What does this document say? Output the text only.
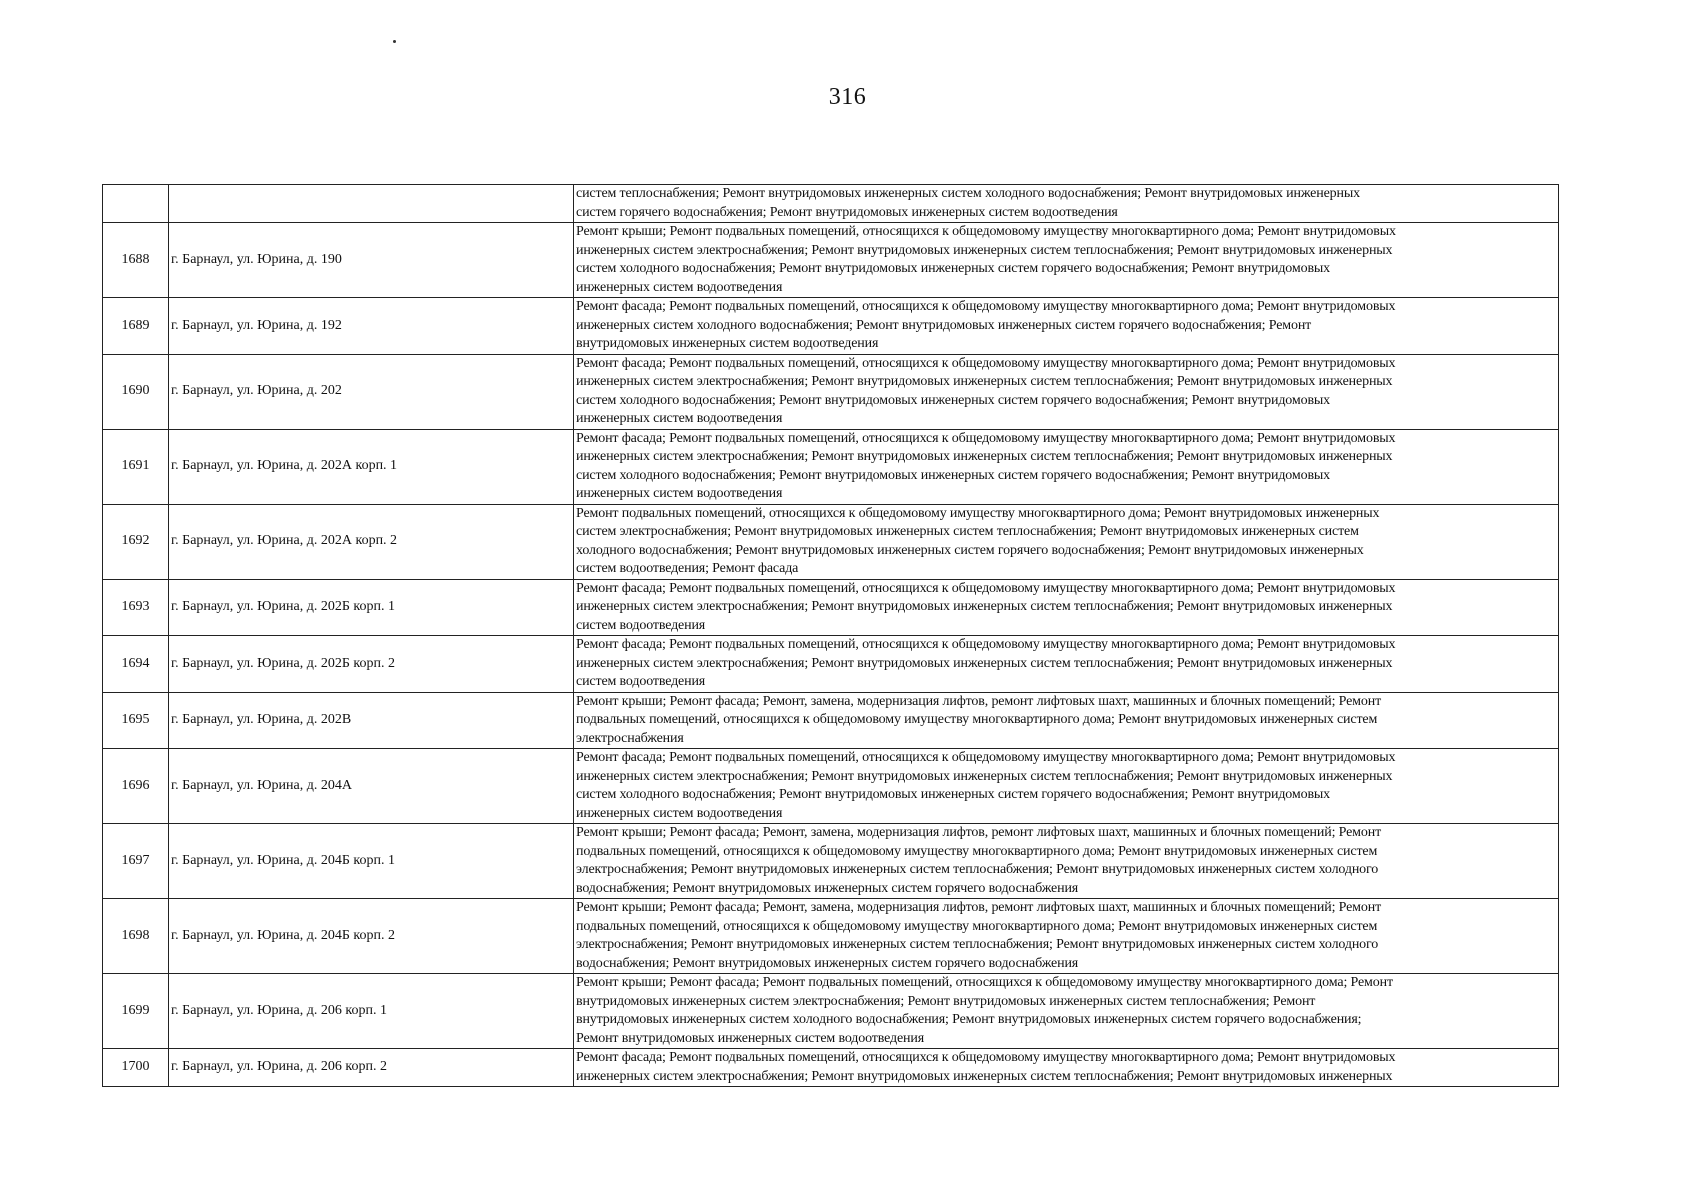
316

		систем теплоснабжения; Ремонт внутридомовых инженерных систем холодного водоснабжения; Ремонт внутридомовых инженерных
систем горячего водоснабжения; Ремонт внутридомовых инженерных систем водоотведения

1688	г. Барнаул, ул. Юрина, д. 190	Ремонт крыши; Ремонт подвальных помещений, относящихся к общедомовому имуществу многоквартирного дома; Ремонт внутридомовых
инженерных систем электроснабжения; Ремонт внутридомовых инженерных систем теплоснабжения; Ремонт внутридомовых инженерных
систем холодного водоснабжения; Ремонт внутридомовых инженерных систем горячего водоснабжения; Ремонт внутридомовых
инженерных систем водоотведения

1689	г. Барнаул, ул. Юрина, д. 192	Ремонт фасада; Ремонт подвальных помещений, относящихся к общедомовому имуществу многоквартирного дома; Ремонт внутридомовых
инженерных систем холодного водоснабжения; Ремонт внутридомовых инженерных систем горячего водоснабжения; Ремонт
внутридомовых инженерных систем водоотведения

1690	г. Барнаул, ул. Юрина, д. 202	Ремонт фасада; Ремонт подвальных помещений, относящихся к общедомовому имуществу многоквартирного дома; Ремонт внутридомовых
инженерных систем электроснабжения; Ремонт внутридомовых инженерных систем теплоснабжения; Ремонт внутридомовых инженерных
систем холодного водоснабжения; Ремонт внутридомовых инженерных систем горячего водоснабжения; Ремонт внутридомовых
инженерных систем водоотведения

1691	г. Барнаул, ул. Юрина, д. 202А корп. 1	Ремонт фасада; Ремонт подвальных помещений, относящихся к общедомовому имуществу многоквартирного дома; Ремонт внутридомовых
инженерных систем электроснабжения; Ремонт внутридомовых инженерных систем теплоснабжения; Ремонт внутридомовых инженерных
систем холодного водоснабжения; Ремонт внутридомовых инженерных систем горячего водоснабжения; Ремонт внутридомовых
инженерных систем водоотведения

1692	г. Барнаул, ул. Юрина, д. 202А корп. 2	Ремонт подвальных помещений, относящихся к общедомовому имуществу многоквартирного дома; Ремонт внутридомовых инженерных
систем электроснабжения; Ремонт внутридомовых инженерных систем теплоснабжения; Ремонт внутридомовых инженерных систем
холодного водоснабжения; Ремонт внутридомовых инженерных систем горячего водоснабжения; Ремонт внутридомовых инженерных
систем водоотведения; Ремонт фасада

1693	г. Барнаул, ул. Юрина, д. 202Б корп. 1	Ремонт фасада; Ремонт подвальных помещений, относящихся к общедомовому имуществу многоквартирного дома; Ремонт внутридомовых
инженерных систем электроснабжения; Ремонт внутридомовых инженерных систем теплоснабжения; Ремонт внутридомовых инженерных
систем водоотведения

1694	г. Барнаул, ул. Юрина, д. 202Б корп. 2	Ремонт фасада; Ремонт подвальных помещений, относящихся к общедомовому имуществу многоквартирного дома; Ремонт внутридомовых
инженерных систем электроснабжения; Ремонт внутридомовых инженерных систем теплоснабжения; Ремонт внутридомовых инженерных
систем водоотведения

1695	г. Барнаул, ул. Юрина, д. 202В	Ремонт крыши; Ремонт фасада; Ремонт, замена, модернизация лифтов, ремонт лифтовых шахт, машинных и блочных помещений; Ремонт
подвальных помещений, относящихся к общедомовому имуществу многоквартирного дома; Ремонт внутридомовых инженерных систем
электроснабжения

1696	г. Барнаул, ул. Юрина, д. 204А	Ремонт фасада; Ремонт подвальных помещений, относящихся к общедомовому имуществу многоквартирного дома; Ремонт внутридомовых
инженерных систем электроснабжения; Ремонт внутридомовых инженерных систем теплоснабжения; Ремонт внутридомовых инженерных
систем холодного водоснабжения; Ремонт внутридомовых инженерных систем горячего водоснабжения; Ремонт внутридомовых
инженерных систем водоотведения

1697	г. Барнаул, ул. Юрина, д. 204Б корп. 1	Ремонт крыши; Ремонт фасада; Ремонт, замена, модернизация лифтов, ремонт лифтовых шахт, машинных и блочных помещений; Ремонт
подвальных помещений, относящихся к общедомовому имуществу многоквартирного дома; Ремонт внутридомовых инженерных систем
электроснабжения; Ремонт внутридомовых инженерных систем теплоснабжения; Ремонт внутридомовых инженерных систем холодного
водоснабжения; Ремонт внутридомовых инженерных систем горячего водоснабжения

1698	г. Барнаул, ул. Юрина, д. 204Б корп. 2	Ремонт крыши; Ремонт фасада; Ремонт, замена, модернизация лифтов, ремонт лифтовых шахт, машинных и блочных помещений; Ремонт
подвальных помещений, относящихся к общедомовому имуществу многоквартирного дома; Ремонт внутридомовых инженерных систем
электроснабжения; Ремонт внутридомовых инженерных систем теплоснабжения; Ремонт внутридомовых инженерных систем холодного
водоснабжения; Ремонт внутридомовых инженерных систем горячего водоснабжения

1699	г. Барнаул, ул. Юрина, д. 206 корп. 1	Ремонт крыши; Ремонт фасада; Ремонт подвальных помещений, относящихся к общедомовому имуществу многоквартирного дома; Ремонт
внутридомовых инженерных систем электроснабжения; Ремонт внутридомовых инженерных систем теплоснабжения; Ремонт
внутридомовых инженерных систем холодного водоснабжения; Ремонт внутридомовых инженерных систем горячего водоснабжения;
Ремонт внутридомовых инженерных систем водоотведения

1700	г. Барнаул, ул. Юрина, д. 206 корп. 2	Ремонт фасада; Ремонт подвальных помещений, относящихся к общедомовому имуществу многоквартирного дома; Ремонт внутридомовых
инженерных систем электроснабжения; Ремонт внутридомовых инженерных систем теплоснабжения; Ремонт внутридомовых инженерных
